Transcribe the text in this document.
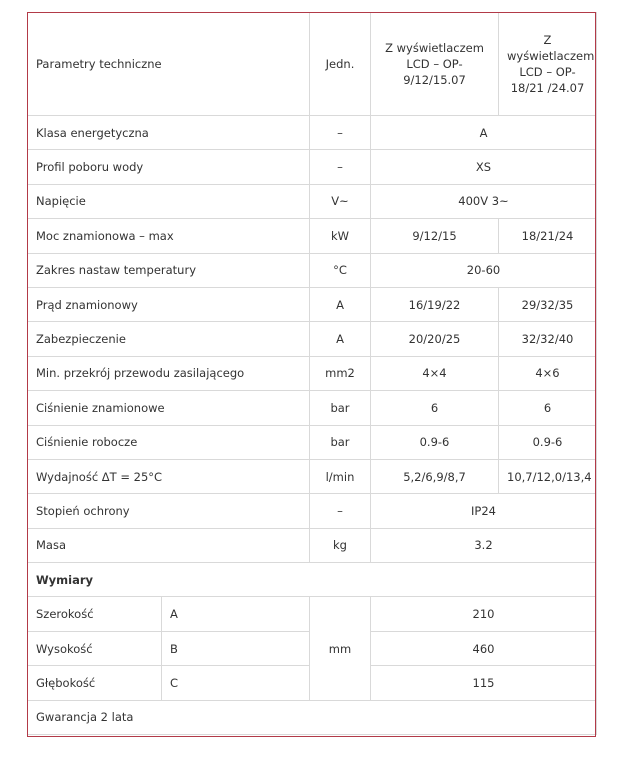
Parametry techniczne		Jedn.	Z wyświetlaczem LCD – OP-9/12/15.07	Z wyświetlaczem LCD – OP-18/21 /24.07
Klasa energetyczna		–	A	
Profil poboru wody		–	XS	
Napięcie		V~	400V 3~	
Moc znamionowa – max		kW	9/12/15	18/21/24
Zakres nastaw temperatury		°C	20-60	
Prąd znamionowy		A	16/19/22	29/32/35
Zabezpieczenie		A	20/20/25	32/32/40
Min. przekrój przewodu zasilającego		mm2	4×4	4×6
Ciśnienie znamionowe		bar	6	6
Ciśnienie robocze		bar	0.9-6	0.9-6
Wydajność ΔT = 25°C		l/min	5,2/6,9/8,7	10,7/12,0/13,4
Stopień ochrony		–	IP24	
Masa		kg	3.2	
Wymiary				
Szerokość	A	mm	210	
Wysokość	B		460	
Głębokość	C		115	
Gwarancja 2 lata				
